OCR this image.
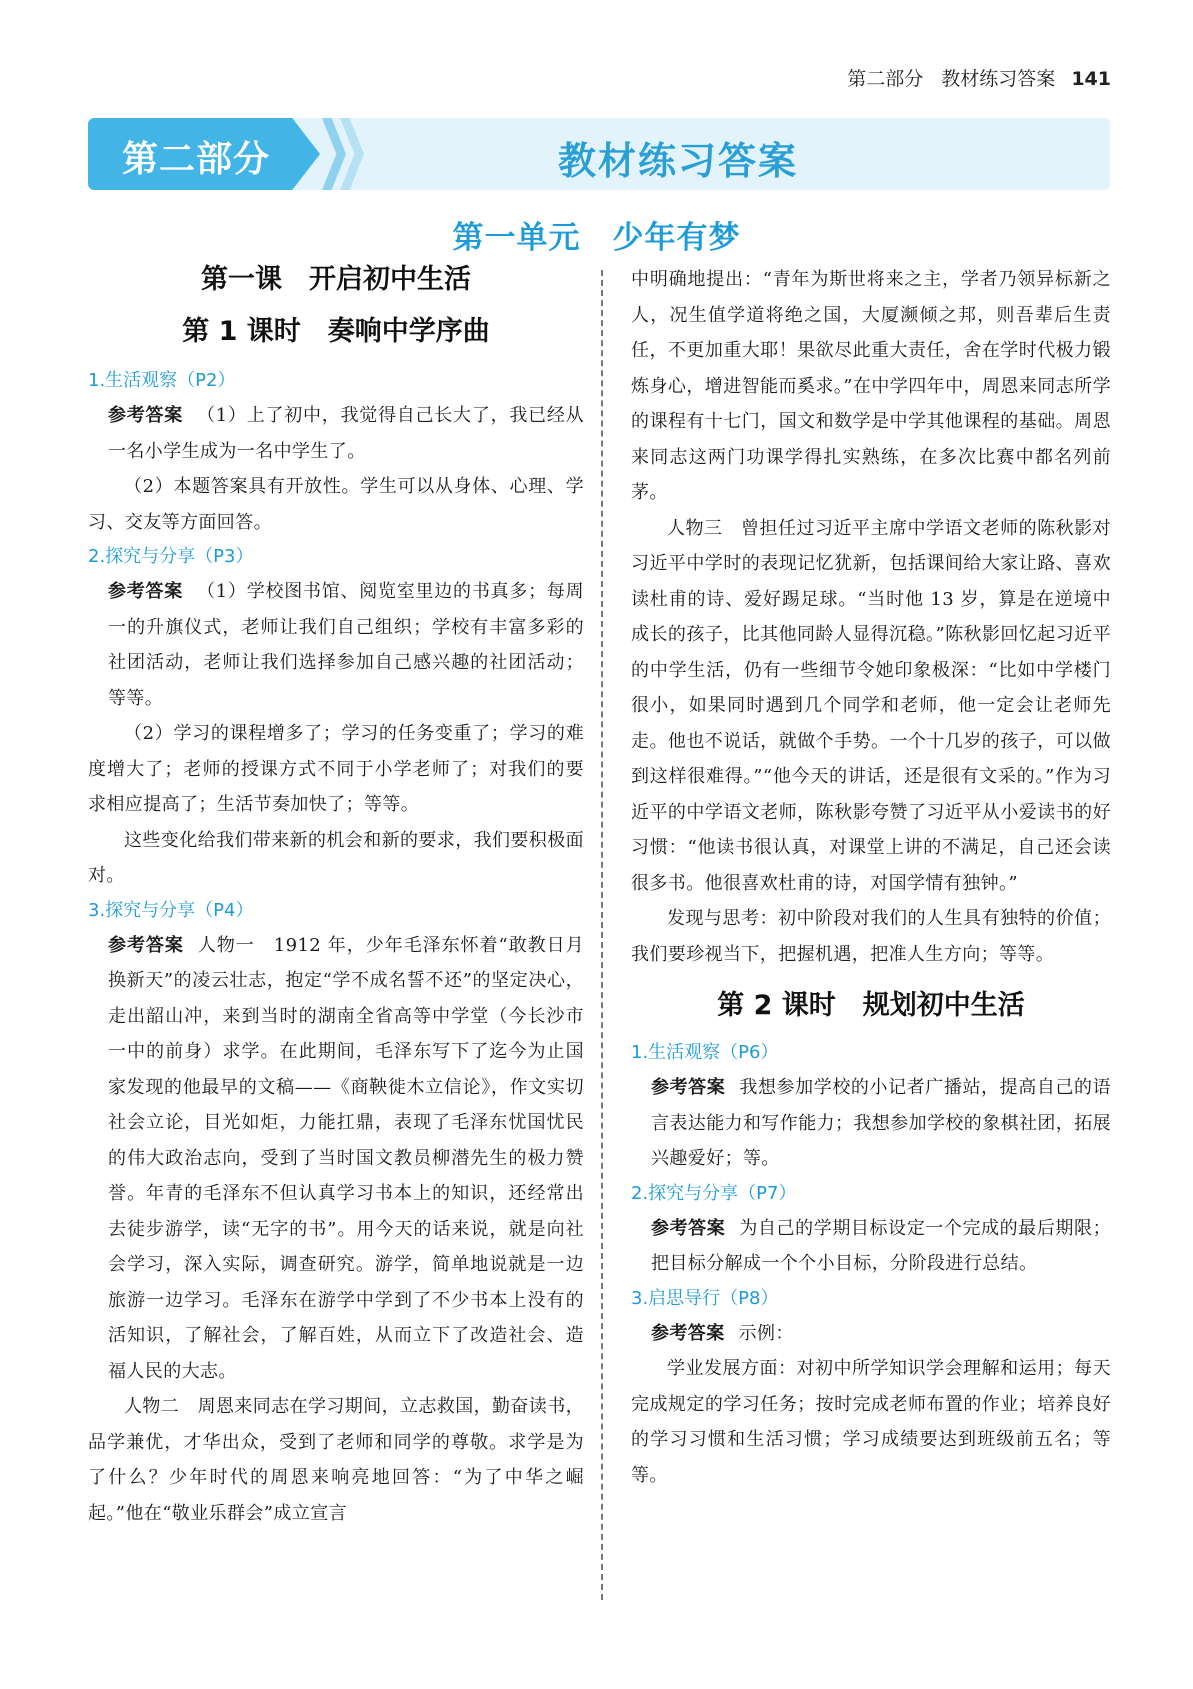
第二部分 教材练习答案 141
第二部分	教材练习答案
第一单元　少年有梦
第一课　开启初中生活
第 1 课时　奏响中学序曲
1.生活观察（P2）

参考答案 （1）上了初中，我觉得自己长大了，我已经从一名小学生成为一名中学生了。

（2）本题答案具有开放性。学生可以从身体、心理、学习、交友等方面回答。

2.探究与分享（P3）

参考答案 （1）学校图书馆、阅览室里边的书真多；每周一的升旗仪式，老师让我们自己组织；学校有丰富多彩的社团活动，老师让我们选择参加自己感兴趣的社团活动；等等。

（2）学习的课程增多了；学习的任务变重了；学习的难度增大了；老师的授课方式不同于小学老师了；对我们的要求相应提高了；生活节奏加快了；等等。

这些变化给我们带来新的机会和新的要求，我们要积极面对。

3.探究与分享（P4）

参考答案 人物一　1912 年，少年毛泽东怀着“敢教日月换新天”的凌云壮志，抱定“学不成名誓不还”的坚定决心，走出韶山冲，来到当时的湖南全省高等中学堂（今长沙市一中的前身）求学。在此期间，毛泽东写下了迄今为止国家发现的他最早的文稿——《商鞅徙木立信论》，作文实切社会立论，目光如炬，力能扛鼎，表现了毛泽东忧国忧民的伟大政治志向，受到了当时国文教员柳潜先生的极力赞誉。年青的毛泽东不但认真学习书本上的知识，还经常出去徒步游学，读“无字的书”。用今天的话来说，就是向社会学习，深入实际，调查研究。游学，简单地说就是一边旅游一边学习。毛泽东在游学中学到了不少书本上没有的活知识，了解社会，了解百姓，从而立下了改造社会、造福人民的大志。

人物二　周恩来同志在学习期间，立志救国，勤奋读书，品学兼优，才华出众，受到了老师和同学的尊敬。求学是为了什么？少年时代的周恩来响亮地回答：“为了中华之崛起。”他在“敬业乐群会”成立宣言

中明确地提出：“青年为斯世将来之主，学者乃领异标新之人，况生值学道将绝之国，大厦濒倾之邦，则吾辈后生责任，不更加重大耶！果欲尽此重大责任，舍在学时代极力锻炼身心，增进智能而奚求。”在中学四年中，周恩来同志所学的课程有十七门，国文和数学是中学其他课程的基础。周恩来同志这两门功课学得扎实熟练，在多次比赛中都名列前茅。

人物三　曾担任过习近平主席中学语文老师的陈秋影对习近平中学时的表现记忆犹新，包括课间给大家让路、喜欢读杜甫的诗、爱好踢足球。“当时他 13 岁，算是在逆境中成长的孩子，比其他同龄人显得沉稳。”陈秋影回忆起习近平的中学生活，仍有一些细节令她印象极深：“比如中学楼门很小，如果同时遇到几个同学和老师，他一定会让老师先走。他也不说话，就做个手势。一个十几岁的孩子，可以做到这样很难得。”“他今天的讲话，还是很有文采的。”作为习近平的中学语文老师，陈秋影夸赞了习近平从小爱读书的好习惯：“他读书很认真，对课堂上讲的不满足，自己还会读很多书。他很喜欢杜甫的诗，对国学情有独钟。”

发现与思考：初中阶段对我们的人生具有独特的价值；我们要珍视当下，把握机遇，把准人生方向；等等。

第 2 课时　规划初中生活
1.生活观察（P6）

参考答案 我想参加学校的小记者广播站，提高自己的语言表达能力和写作能力；我想参加学校的象棋社团，拓展兴趣爱好；等。

2.探究与分享（P7）

参考答案 为自己的学期目标设定一个完成的最后期限；把目标分解成一个个小目标，分阶段进行总结。

3.启思导行（P8）

参考答案 示例：

学业发展方面：对初中所学知识学会理解和运用；每天完成规定的学习任务；按时完成老师布置的作业；培养良好的学习习惯和生活习惯；学习成绩要达到班级前五名；等等。
